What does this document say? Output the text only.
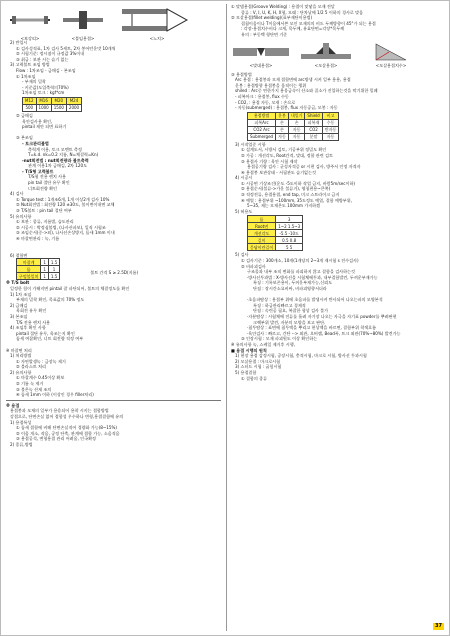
<보강띠>	<붙임용접>	<노치>
2) 반입시
① 검사성적표, 1차 검사 5세트, 2차 봉어던운맛 10개씩
② 시험기준: 정시점이 규정값 3%이내
③ 취급 : 보관 시는 습기 없는
3) 고력볼트 조임 방법
Flow : 1차조임 - 금매김 - 본조임
① 1차조임
- 부재의 밀착
- 키준값(도입축력의70%)
1차조임 토크 : kgf*cm
M12	M16	M20	M24
500	1000	1500	2000
② 금매김
육안검사용 확인,
pintail 제안 되면 표하기

③ 본조임
- 토크관리볼법
축력계 이용, 토크 모멘트 측정
T=k.d. nk=0.2 지름, N=체결력=Kn)
-nut회전법 : nut회전량과 볼트축력
관계 이용1차 금매김, 2차 120도
- T/S형 고력볼트
T/S형 전용 렌치 사용
pin tail 절단 유무 확인
너트회전량 확인
4) 검사
① Torque test : 1개조6개, 1개 이상2개 검사 10%
② Nut회전법 : 회전량 120 ±30도, 볼이변이내면 교체
③ T/S볼트 : pin tail 절단 여부
5) 유의사항
① 보관 : 종류, 지름별, 습도관리
② 시공시 : 박정심볼법, (나사산파보), 일직 시험조
③ 조임순서(중->외), 나사선손상방지, 틈새 1mm 이내
④ 마찰면관리 : 녹, 기름

6) 접합면
마찰계	1	1.5
틈	1	1
구멍불일치	1	1.5
볼트 간격 S ≥ 2.5D(지름)
※ T/S bolt
일정한 힘이 가해지면 pintail 잘 파단되어, 볼트의 체결정도를 확인
1) 1차 조임
부재의 밀착 확인, 목표값의 70% 정도
2) 금매김
육회전 유무 확인
3) 본조임
T/S 전용 렌치 사용
4) 조임후 확인 사항
pintail 절단 유무, 육조는지 확인
틈세 여잡확인, 너트 회전량 적정 여부

※ 마찰면 처리
1) 처리방법
① 자연발생녹 : 금장녹 제거
② 블라스트 처리
2) 유의사항
① 마찰계수 0.45이상 확보
② 기름 녹 제거
③ 볼은녹 산제 조치
④ 틈새 1mm 이하 (이상인 경우 filler처리)
※ 용접
용접봉과 모재의 일부가 용융되어 용착 시키는 접합방법
강접으로, 단면손실 없어 접합성 우수하나 변형,용접결함에 유의
1) 용접특성
① 틈새 접합에 비해 단면손실적어 경량화 가능(8~15%)
② 이음 개소, 작음, 공정 단축, 관계에 접합 가능, 소음적음
③ 용접공석, 변형용접 관리 어려움, 인국확정
2) 종류,방법
① 맞댐용접(Groove Welding) : 용접이 맞닿을 모재 전달
종류 : V, I, U, K, H, X형, 모래 : 단차날에 1/2 5 이하의 경사로 맞음
② 모살용접(fillet welding)(표부재단이용법)
겹침이음이나 T이음에서쓴 모인 모재의의 비드 두께방향이 45°가 되는 용접
: 각장-용접치수비다 크게, 목두께, 유효단면=각장*목두께
유의 : 부동맥 형단면 기준
<맞대용접>	<모살용접>	<모살용접치수>
③ 용접방법
Arc 용접 : 용접봉과 모재 접합면에 arc방생 시켜 일부 용용, 용접
운봉 : 용접방향 용접봉을 움직이는 행위
shiled : Arc중 연한가지 용융금속이 산소와 질소가 진입하는것을 막기위한 밀폐
- 피복아크 : 용접봉, flux 수동
- CO2, : 용접 자동, 모재 : 손으로
- 자동(submerged) : 용접봉, flux 자동공급, 모봉 : 자동
용접방법	운봉	내일기	Shield	비고
피복Arc	손	손	피복재	수동
CO2 Arc	손	자동	CO2	반자동
Submerged	자동	자동	분말	자동
3) 시작업준 시항
① 설계도서, 시방서 검토, 기공부위 정밀도 확인
② 가공 : 개선각도, Root간격, 맞대, 정합 관련 검토
③ 용접사 기량 : 육안 시험 제작
용접공기량 검사 : 균성자격증 or 시편 검사, 방주서 인정 자격자
④ 용접봉 보관상태 - 서필관도 습기없는것
4) 시공시
① 시공면 기상조건(운도 -5도이하 작업 금지, 바람5m/sec이하)
② 용접순서(불류->가운 불류거), 영청편용~큰쪽)
③ 적정전류, 용접용접, end tap, 미크 스트라이크 금지
④ 예열 : 용접부위 ~100mm, 35도정도 예열, 결함 예방부위,
5~35, 제는 모재온도 100mm 가지하겠
5) 허용도
틈	3
Root면	1~2 1.5~3
개선각도	-5.5 -10도
길이	0.5 0.8
응답이란길이	5 5
5) 검사
① 검사기준 : 300개소, 10개(1개당의 2~3개 재시험 s 전수검사)
② 비파괴검사
구조물과 내부 조직 변화를 파괴하지 않고 결함을 검사하는것
·방사선투과법 : X-방사선을 시험체에투과, 내부결함발견, 두꺼운부재가능
특징 : 기록보존용이, 두꺼운부재가능,신뢰도
단점 : 장시간소요비싸, 비파괴영향서더라

·초음파탐상 : 용접부 위에 초음파를 발생시켜 반사되어 나오는파의 모양본석
특징 : 하급관리빠르고 경제적
단점 : 숙련공 필요, 복잡한 형상 검사 불가
·자분탐상 : 시험체에 전류를 흘려 자기장 나오는 자극을 자기표 powder를 뿌려판현
크랙부위 발견, 자분의 모양을 보고 판단.
·침투탐상 : 표면에 침투액을 뿌리고 현상액을 바르면, 결함부위 착색흐름
·육안검사 : 빠르고, 간단 --> 외관, 오버랩, Bead폭, 트크 외관(70%~80%) 발견가능
③ 인장시험 : 모재 파괴원도 이상 확인하는
※ 유의사항 녹, 스케일 제거후 시행,
■ 용접 시행의 원칙
1) 현장 용접 감정시험, 공장시험, 충격시험, 마크로 시험, 방사선 투과시험
2) 모살용접 : 마크로시험
3) 스터드 시험 : 굽힘시험
5) 용접결함
① 결함의 종류
37
